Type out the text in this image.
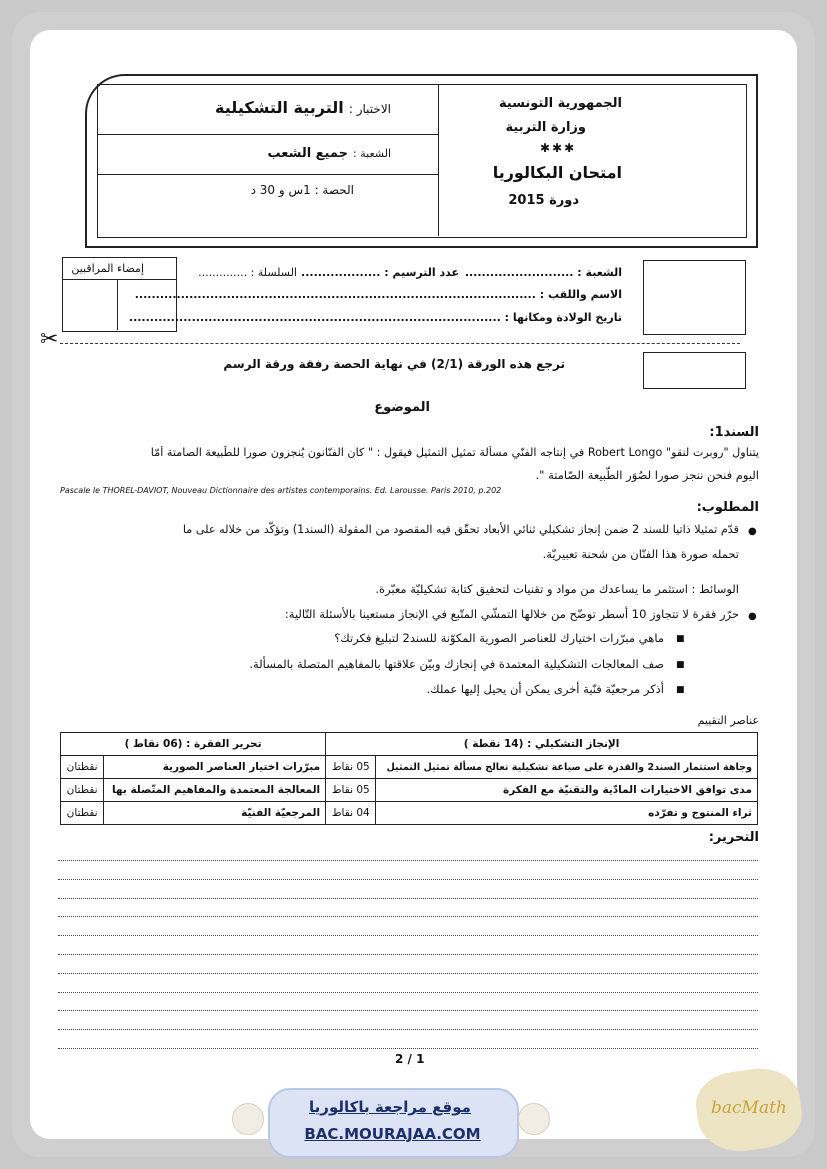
الجمهورية التونسية
وزارة التربية
✱✱✱
امتحان البكالوريا
دورة 2015
الاختبار : التربية التشكيلية
الشعبة : جميع الشعب
الحصة : 1س و 30 د
إمضاء المراقبين	الشعبة : ..........................
عدد الترسيم : ...................
السلسلة : ..............
الاسم واللقب : ................................................................................................
تاريخ الولادة ومكانها : .........................................................................................
✂
ترجع هذه الورقة (2/1) في نهاية الحصة رفقة ورقة الرسم
الموضوع
السند1:
يتناول "روبرت لنقو" Robert Longo في إنتاجه الفنّي مسألة تمثيل التمثيل فيقول : " كان الفنّانون يُنجزون صورا للطّبيعة الصامتة أمّا
اليوم فنحن ننجز صورا لصُوَر الطّبيعة الصّامتة ".
Pascale le THOREL-DAVIOT, Nouveau Dictionnaire des artistes contemporains. Ed. Larousse. Paris 2010, p.202
المطلوب:
●
قدّم تمثيلا ذاتيا للسند 2 ضمن إنجاز تشكيلي ثنائي الأبعاد تحقّق فيه المقصود من المقولة (السند1) وتؤكّد من خلاله على ما
تحمله صورة هذا الفنّان من شحنة تعبيريّة.
الوسائط : استثمر ما يساعدك من مواد و تقنيات لتحقيق كتابة تشكيليّة معبّرة.
●
حرّر فقرة لا تتجاوز 10 أسطر توضّح من خلالها التمشّي المتّبع في الإنجاز مستعينا بالأسئلة التّالية:
■
ماهي مبرّرات اختيارك للعناصر الصورية المكوّنة للسند2 لتبليغ فكرتك؟
■
صف المعالجات التشكيلية المعتمدة في إنجازك وبيّن علاقتها بالمفاهيم المتصلة بالمسألة.
■
أذكر مرجعيّة فنّية أخرى يمكن أن يحيل إليها عملك.
عناصر التقييم
الإنجاز التشكيلي : (14 نقطة )		تحرير الفقرة : (06 نقاط )	
وجاهة استثمار السند2 والقدرة على صياغة تشكيلية تعالج مسألة تمثيل التمثيل	05 نقاط	مبرّرات اختيار العناصر الصورية	نقطتان
مدى توافق الاختيارات المادّية والتقنيّة مع الفكرة	05 نقاط	المعالجة المعتمدة والمفاهيم المتّصلة بها	نقطتان
ثراء المنتوج و تفرّده	04 نقاط	المرجعيّة الفنيّة	نقطتان
التحرير:
2 / 1
موقع مراجعة باكالوريا
BAC.MOURAJAA.COM
bacMath
